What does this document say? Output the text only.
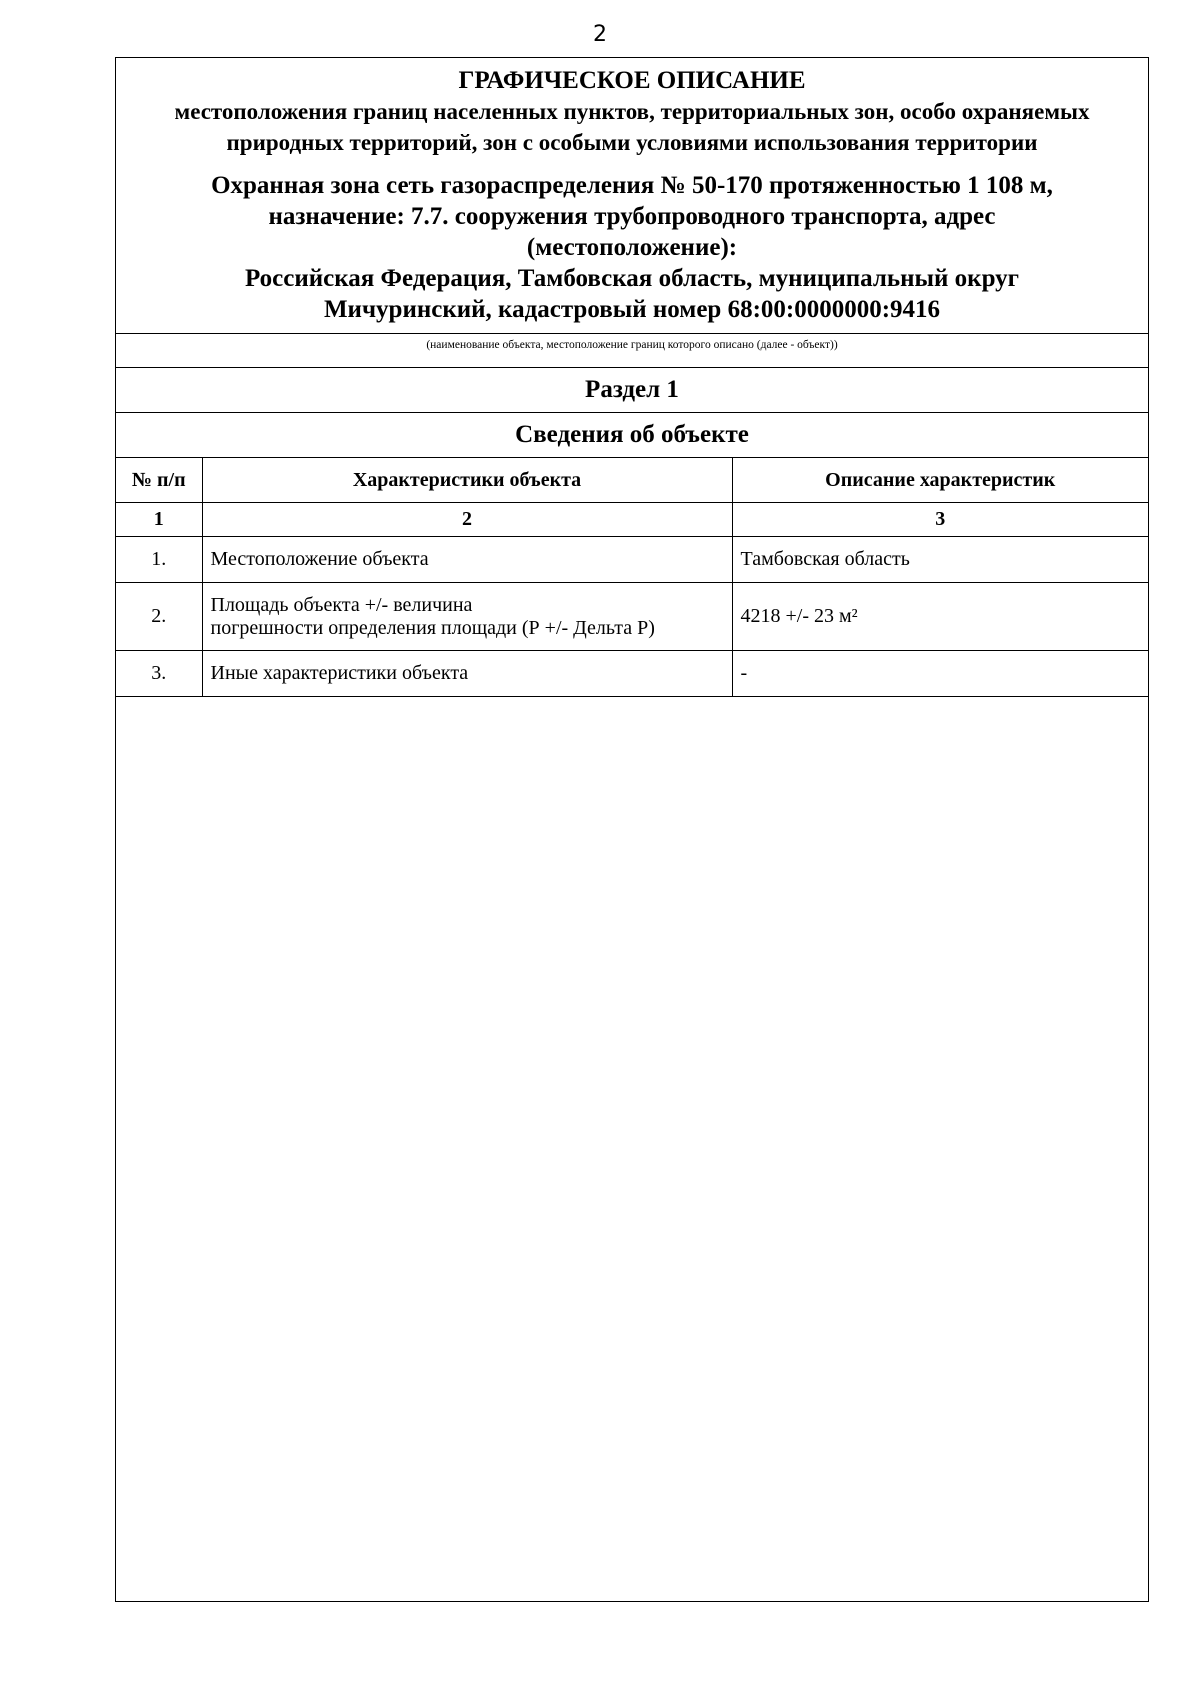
2
ГРАФИЧЕСКОЕ ОПИСАНИЕ
местоположения границ населенных пунктов, территориальных зон, особо охраняемых природных территорий, зон с особыми условиями использования территории
Охранная зона сеть газораспределения № 50-170 протяженностью 1 108 м,
назначение: 7.7. сооружения трубопроводного транспорта, адрес
(местоположение):
Российская Федерация, Тамбовская область, муниципальный округ
Мичуринский, кадастровый номер 68:00:0000000:9416
(наименование объекта, местоположение границ которого описано (далее - объект))
Раздел 1		
Сведения об объекте		
№ п/п	Характеристики объекта	Описание характеристик
1	2	3
1.	Местоположение объекта	Тамбовская область
2.	Площадь объекта +/- величина
погрешности определения площади (Р +/- Дельта Р)	4218 +/- 23 м²
3.	Иные характеристики объекта	-
